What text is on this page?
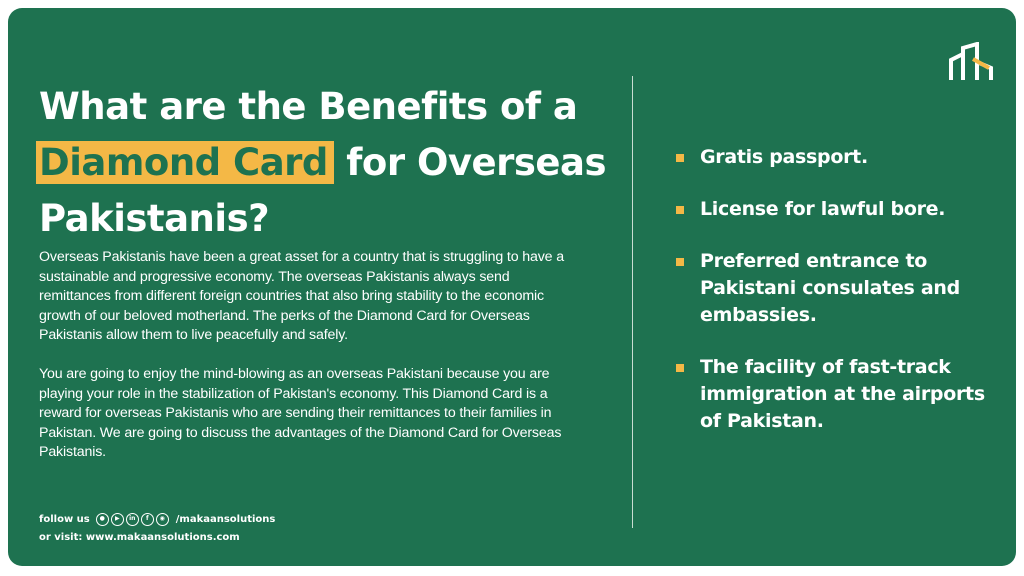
What are the Benefits of a
Diamond Card for Overseas
Pakistanis?

Overseas Pakistanis have been a great asset for a country that is struggling to have a sustainable and progressive economy. The overseas Pakistanis always send remittances from different foreign countries that also bring stability to the economic growth of our beloved motherland. The perks of the Diamond Card for Overseas Pakistanis allow them to live peacefully and safely.

You are going to enjoy the mind-blowing as an overseas Pakistani because you are playing your role in the stabilization of Pakistan's economy. This Diamond Card is a reward for overseas Pakistanis who are sending their remittances to their families in Pakistan. We are going to discuss the advantages of the Diamond Card for Overseas Pakistanis.

Gratis passport.
License for lawful bore.
Preferred entrance to Pakistani consulates and embassies.
The facility of fast-track immigration at the airports of Pakistan.
follow us	●	▶	in	f	◉	/makaansolutions
or visit: www.makaansolutions.com
